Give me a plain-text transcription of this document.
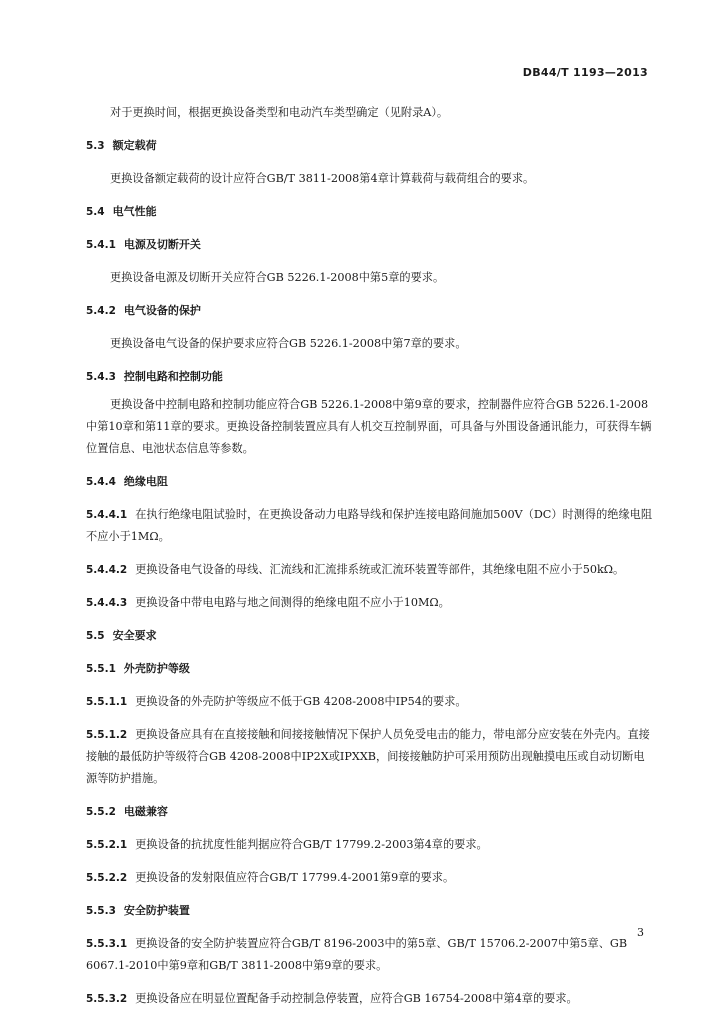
DB44/T 1193—2013

对于更换时间，根据更换设备类型和电动汽车类型确定（见附录A）。

5.3 额定载荷

更换设备额定载荷的设计应符合GB/T 3811-2008第4章计算载荷与载荷组合的要求。

5.4 电气性能

5.4.1 电源及切断开关

更换设备电源及切断开关应符合GB 5226.1-2008中第5章的要求。

5.4.2 电气设备的保护

更换设备电气设备的保护要求应符合GB 5226.1-2008中第7章的要求。

5.4.3 控制电路和控制功能

更换设备中控制电路和控制功能应符合GB 5226.1-2008中第9章的要求，控制器件应符合GB 5226.1-2008中第10章和第11章的要求。更换设备控制装置应具有人机交互控制界面，可具备与外围设备通讯能力，可获得车辆位置信息、电池状态信息等参数。

5.4.4 绝缘电阻

5.4.4.1 在执行绝缘电阻试验时，在更换设备动力电路导线和保护连接电路间施加500V（DC）时测得的绝缘电阻不应小于1MΩ。

5.4.4.2 更换设备电气设备的母线、汇流线和汇流排系统或汇流环装置等部件，其绝缘电阻不应小于50kΩ。

5.4.4.3 更换设备中带电电路与地之间测得的绝缘电阻不应小于10MΩ。

5.5 安全要求

5.5.1 外壳防护等级

5.5.1.1 更换设备的外壳防护等级应不低于GB 4208-2008中IP54的要求。

5.5.1.2 更换设备应具有在直接接触和间接接触情况下保护人员免受电击的能力，带电部分应安装在外壳内。直接接触的最低防护等级符合GB 4208-2008中IP2X或IPXXB，间接接触防护可采用预防出现触摸电压或自动切断电源等防护措施。

5.5.2 电磁兼容

5.5.2.1 更换设备的抗扰度性能判据应符合GB/T 17799.2-2003第4章的要求。

5.5.2.2 更换设备的发射限值应符合GB/T 17799.4-2001第9章的要求。

5.5.3 安全防护装置

5.5.3.1 更换设备的安全防护装置应符合GB/T 8196-2003中的第5章、GB/T 15706.2-2007中第5章、GB 6067.1-2010中第9章和GB/T 3811-2008中第9章的要求。

5.5.3.2 更换设备应在明显位置配备手动控制急停装置，应符合GB 16754-2008中第4章的要求。

3
